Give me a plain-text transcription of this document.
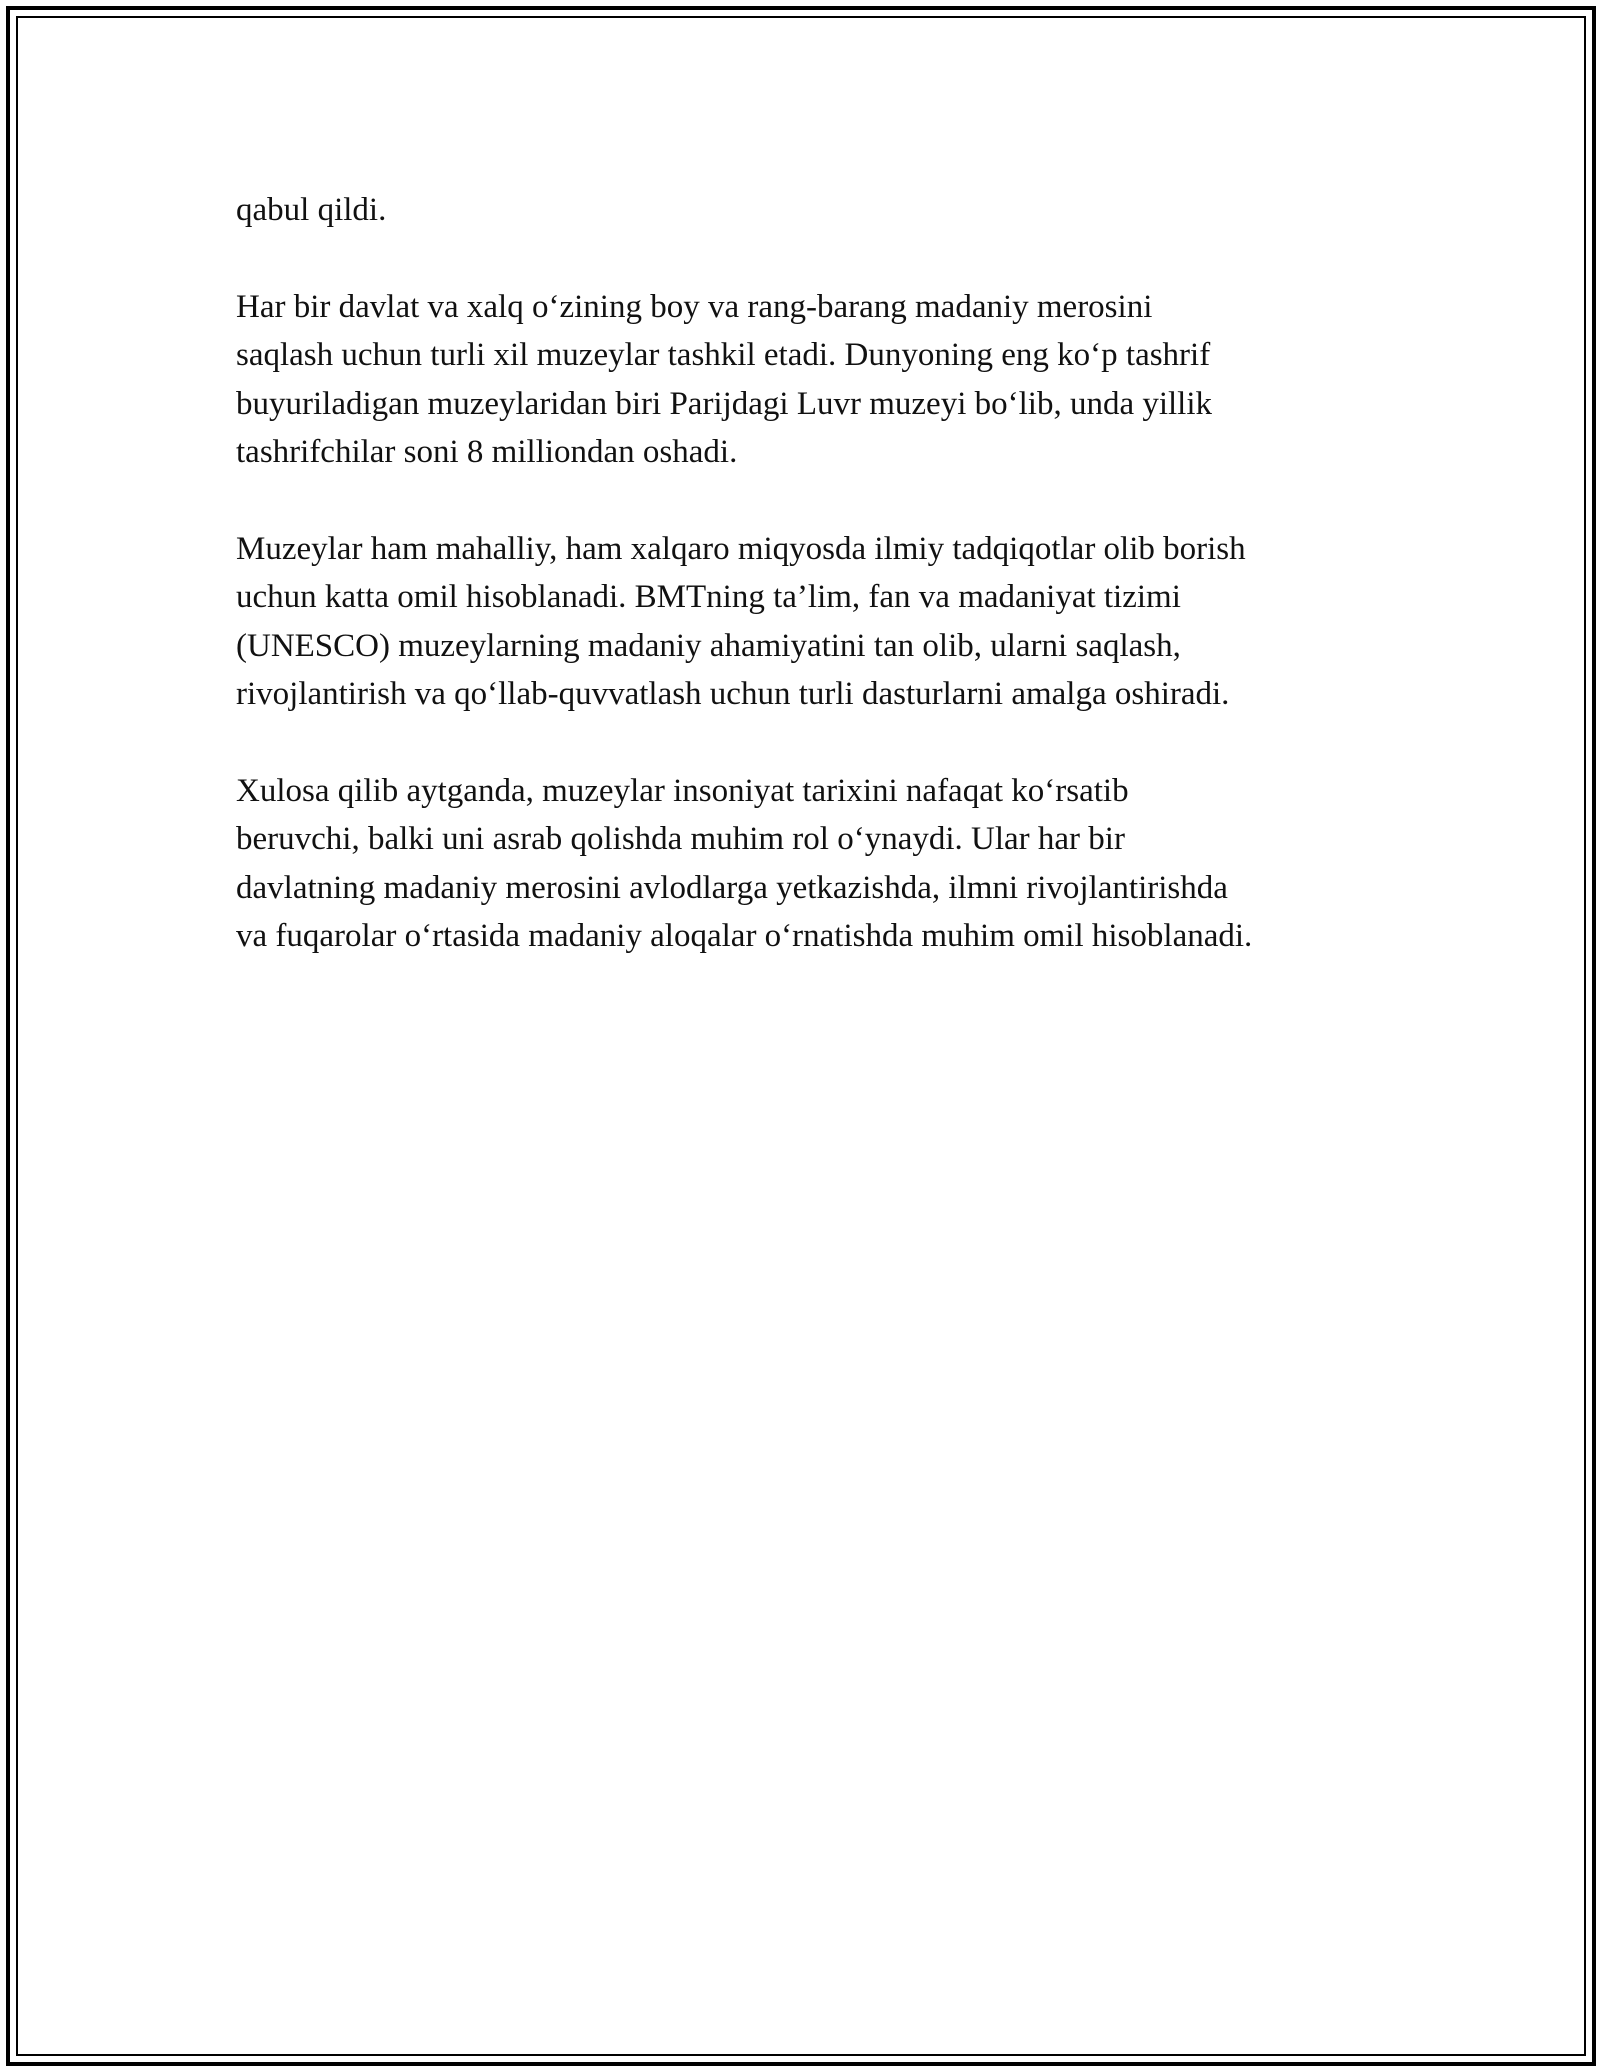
qabul qildi.

Har bir davlat va xalq o‘zining boy va rang-barang madaniy merosini
saqlash uchun turli xil muzeylar tashkil etadi. Dunyoning eng ko‘p tashrif
buyuriladigan muzeylaridan biri Parijdagi Luvr muzeyi bo‘lib, unda yillik
tashrifchilar soni 8 milliondan oshadi.

Muzeylar ham mahalliy, ham xalqaro miqyosda ilmiy tadqiqotlar olib borish
uchun katta omil hisoblanadi. BMTning ta’lim, fan va madaniyat tizimi
(UNESCO) muzeylarning madaniy ahamiyatini tan olib, ularni saqlash,
rivojlantirish va qo‘llab-quvvatlash uchun turli dasturlarni amalga oshiradi.

Xulosa qilib aytganda, muzeylar insoniyat tarixini nafaqat ko‘rsatib
beruvchi, balki uni asrab qolishda muhim rol o‘ynaydi. Ular har bir
davlatning madaniy merosini avlodlarga yetkazishda, ilmni rivojlantirishda
va fuqarolar o‘rtasida madaniy aloqalar o‘rnatishda muhim omil hisoblanadi.
